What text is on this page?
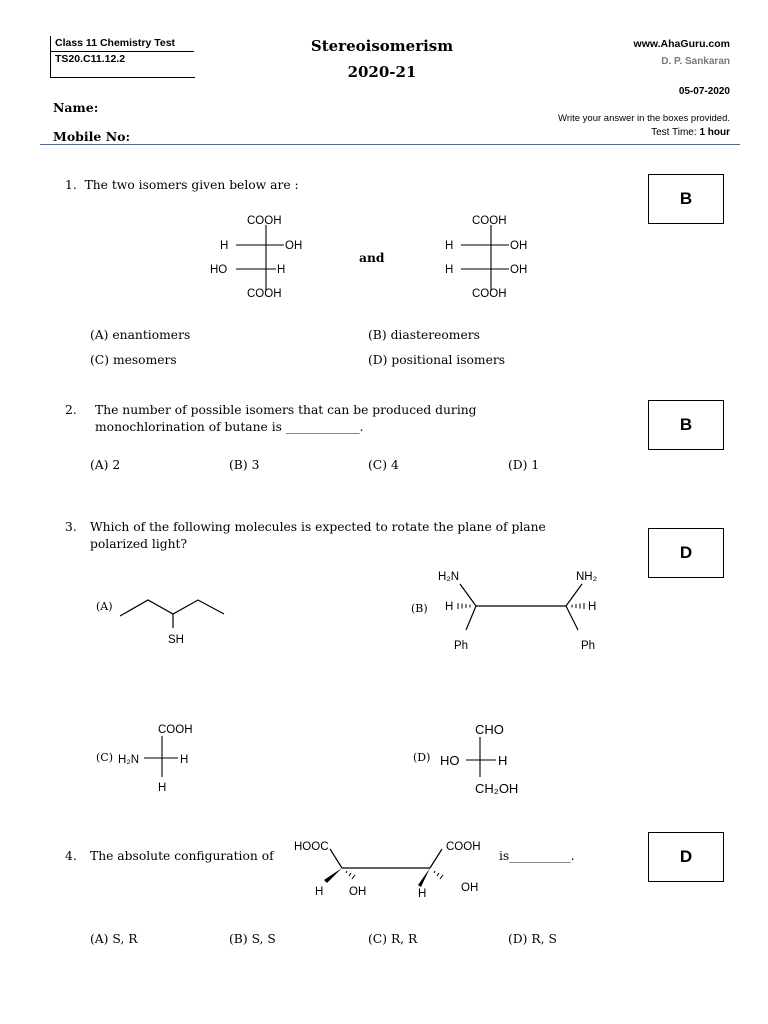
Class 11 Chemistry Test
TS20.C11.12.2
Stereoisomerism
2020-21
www.AhaGuru.com
D. P. Sankaran
05-07-2020
Write your answer in the boxes provided.
Test Time: 1 hour
Name:
Mobile No:
1. The two isomers given below are :
B
COOH
H	OH
HO	H
COOH
and
COOH
H	OH
H	OH
COOH
(A) enantiomers	(B) diastereomers
(C) mesomers	(D) positional isomers
2. The number of possible isomers that can be produced during
monochlorination of butane is ____________.	B
(A) 2	(B) 3	(C) 4	(D) 1
3. Which of the following molecules is expected to rotate the plane of plane
polarized light?	D
(A)
SH
(B)
H₂N	NH₂
H	H
Ph	Ph
(C)
COOH
H₂N	H
H
(D)
CHO
HO	H
CH₂OH
4. The absolute configuration of
HOOC	COOH
H OH	H	OH
is__________.	D
(A) S, R	(B) S, S	(C) R, R	(D) R, S
